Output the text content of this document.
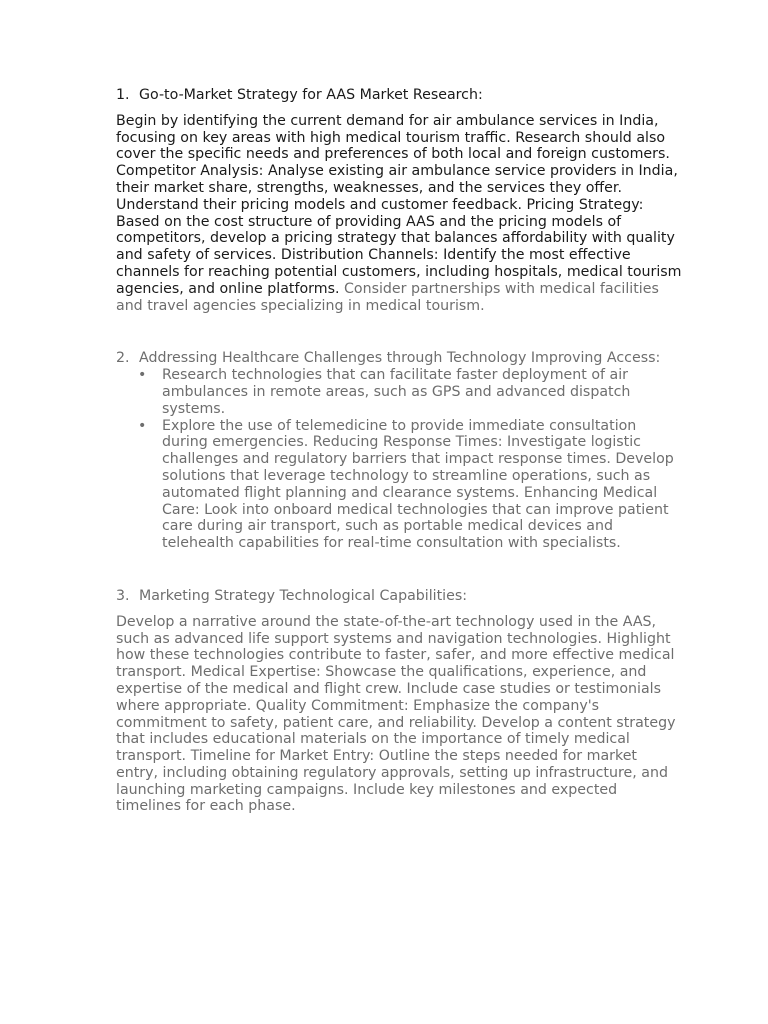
1. Go-to-Market Strategy for AAS Market Research:

Begin by identifying the current demand for air ambulance services in India, focusing on key areas with high medical tourism traffic. Research should also cover the specific needs and preferences of both local and foreign customers. Competitor Analysis: Analyse existing air ambulance service providers in India, their market share, strengths, weaknesses, and the services they offer. Understand their pricing models and customer feedback. Pricing Strategy: Based on the cost structure of providing AAS and the pricing models of competitors, develop a pricing strategy that balances affordability with quality and safety of services. Distribution Channels: Identify the most effective channels for reaching potential customers, including hospitals, medical tourism agencies, and online platforms. Consider partnerships with medical facilities and travel agencies specializing in medical tourism.

2. Addressing Healthcare Challenges through Technology Improving Access:

• Research technologies that can facilitate faster deployment of air ambulances in remote areas, such as GPS and advanced dispatch systems.
• Explore the use of telemedicine to provide immediate consultation during emergencies. Reducing Response Times: Investigate logistic challenges and regulatory barriers that impact response times. Develop solutions that leverage technology to streamline operations, such as automated flight planning and clearance systems. Enhancing Medical Care: Look into onboard medical technologies that can improve patient care during air transport, such as portable medical devices and telehealth capabilities for real-time consultation with specialists.

3. Marketing Strategy Technological Capabilities:

Develop a narrative around the state-of-the-art technology used in the AAS, such as advanced life support systems and navigation technologies. Highlight how these technologies contribute to faster, safer, and more effective medical transport. Medical Expertise: Showcase the qualifications, experience, and expertise of the medical and flight crew. Include case studies or testimonials where appropriate. Quality Commitment: Emphasize the company's commitment to safety, patient care, and reliability. Develop a content strategy that includes educational materials on the importance of timely medical transport. Timeline for Market Entry: Outline the steps needed for market entry, including obtaining regulatory approvals, setting up infrastructure, and launching marketing campaigns. Include key milestones and expected timelines for each phase.
